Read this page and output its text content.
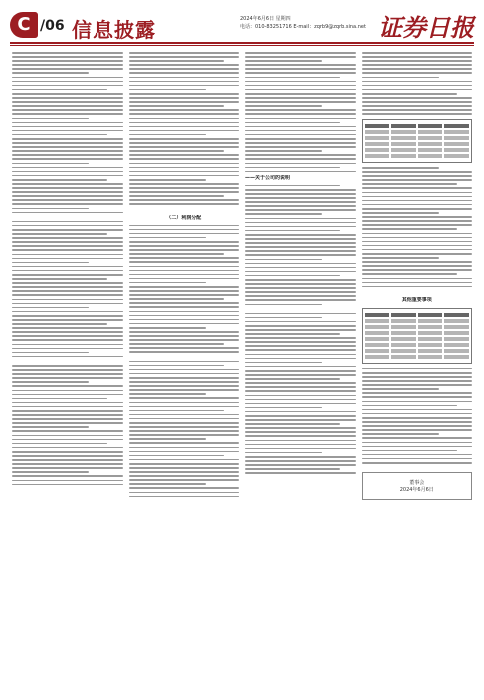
C /06 信息披露	2024年6月6日 星期四
电话：010-83251716 E-mail：zqrb9@zqrb.sina.net 证券日报
（二）利润分配
——关于公司的说明
其他重要事项
董事会
2024年6月6日
